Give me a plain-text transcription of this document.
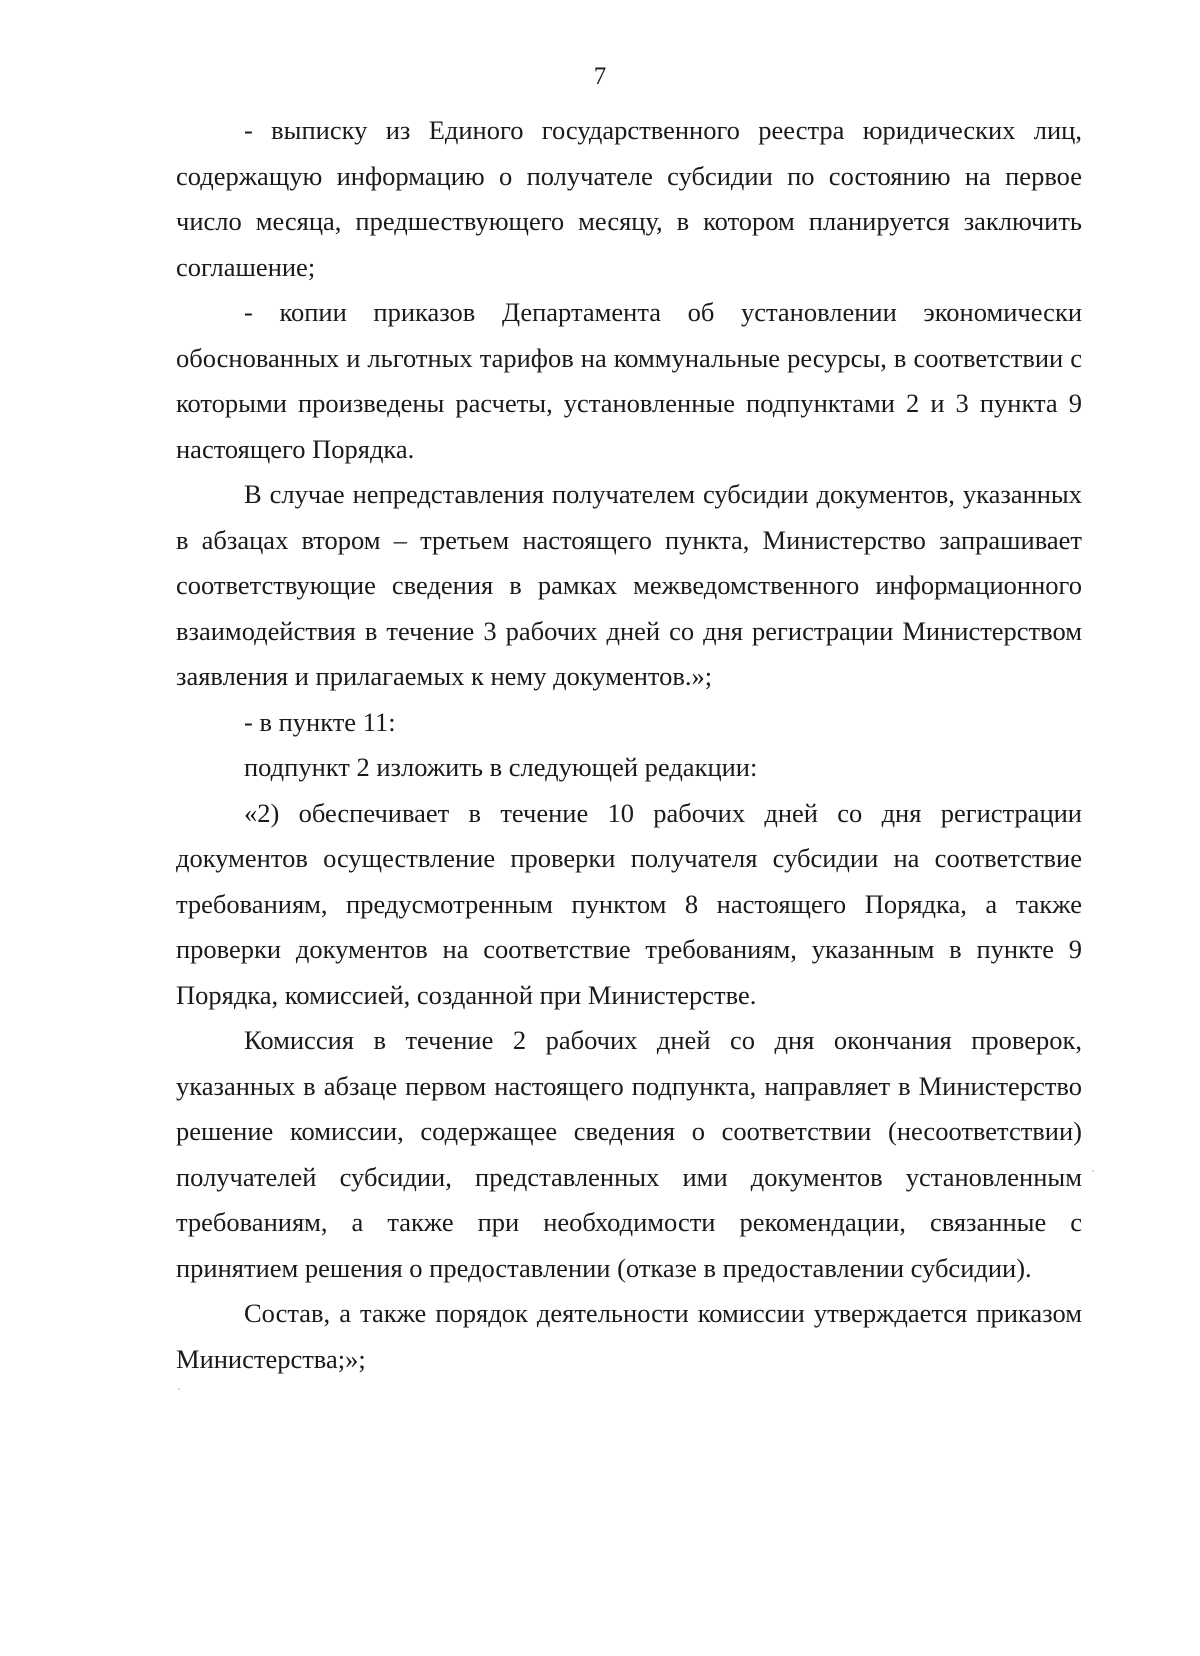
7

- выписку из Единого государственного реестра юридических лиц, содержащую информацию о получателе субсидии по состоянию на первое число месяца, предшествующего месяцу, в котором планируется заключить соглашение;

- копии приказов Департамента об установлении экономически обоснованных и льготных тарифов на коммунальные ресурсы, в соответствии с которыми произведены расчеты, установленные подпунктами 2 и 3 пункта 9 настоящего Порядка.

В случае непредставления получателем субсидии документов, указанных в абзацах втором – третьем настоящего пункта, Министерство запрашивает соответствующие сведения в рамках межведомственного информационного взаимодействия в течение 3 рабочих дней со дня регистрации Министерством заявления и прилагаемых к нему документов.»;

- в пункте 11:

подпункт 2 изложить в следующей редакции:

«2) обеспечивает в течение 10 рабочих дней со дня регистрации документов осуществление проверки получателя субсидии на соответствие требованиям, предусмотренным пунктом 8 настоящего Порядка, а также проверки документов на соответствие требованиям, указанным в пункте 9 Порядка, комиссией, созданной при Министерстве.

Комиссия в течение 2 рабочих дней со дня окончания проверок, указанных в абзаце первом настоящего подпункта, направляет в Министерство решение комиссии, содержащее сведения о соответствии (несоответствии) получателей субсидии, представленных ими документов установленным требованиям, а также при необходимости рекомендации, связанные с принятием решения о предоставлении (отказе в предоставлении субсидии).

Состав, а также порядок деятельности комиссии утверждается приказом Министерства;»;
